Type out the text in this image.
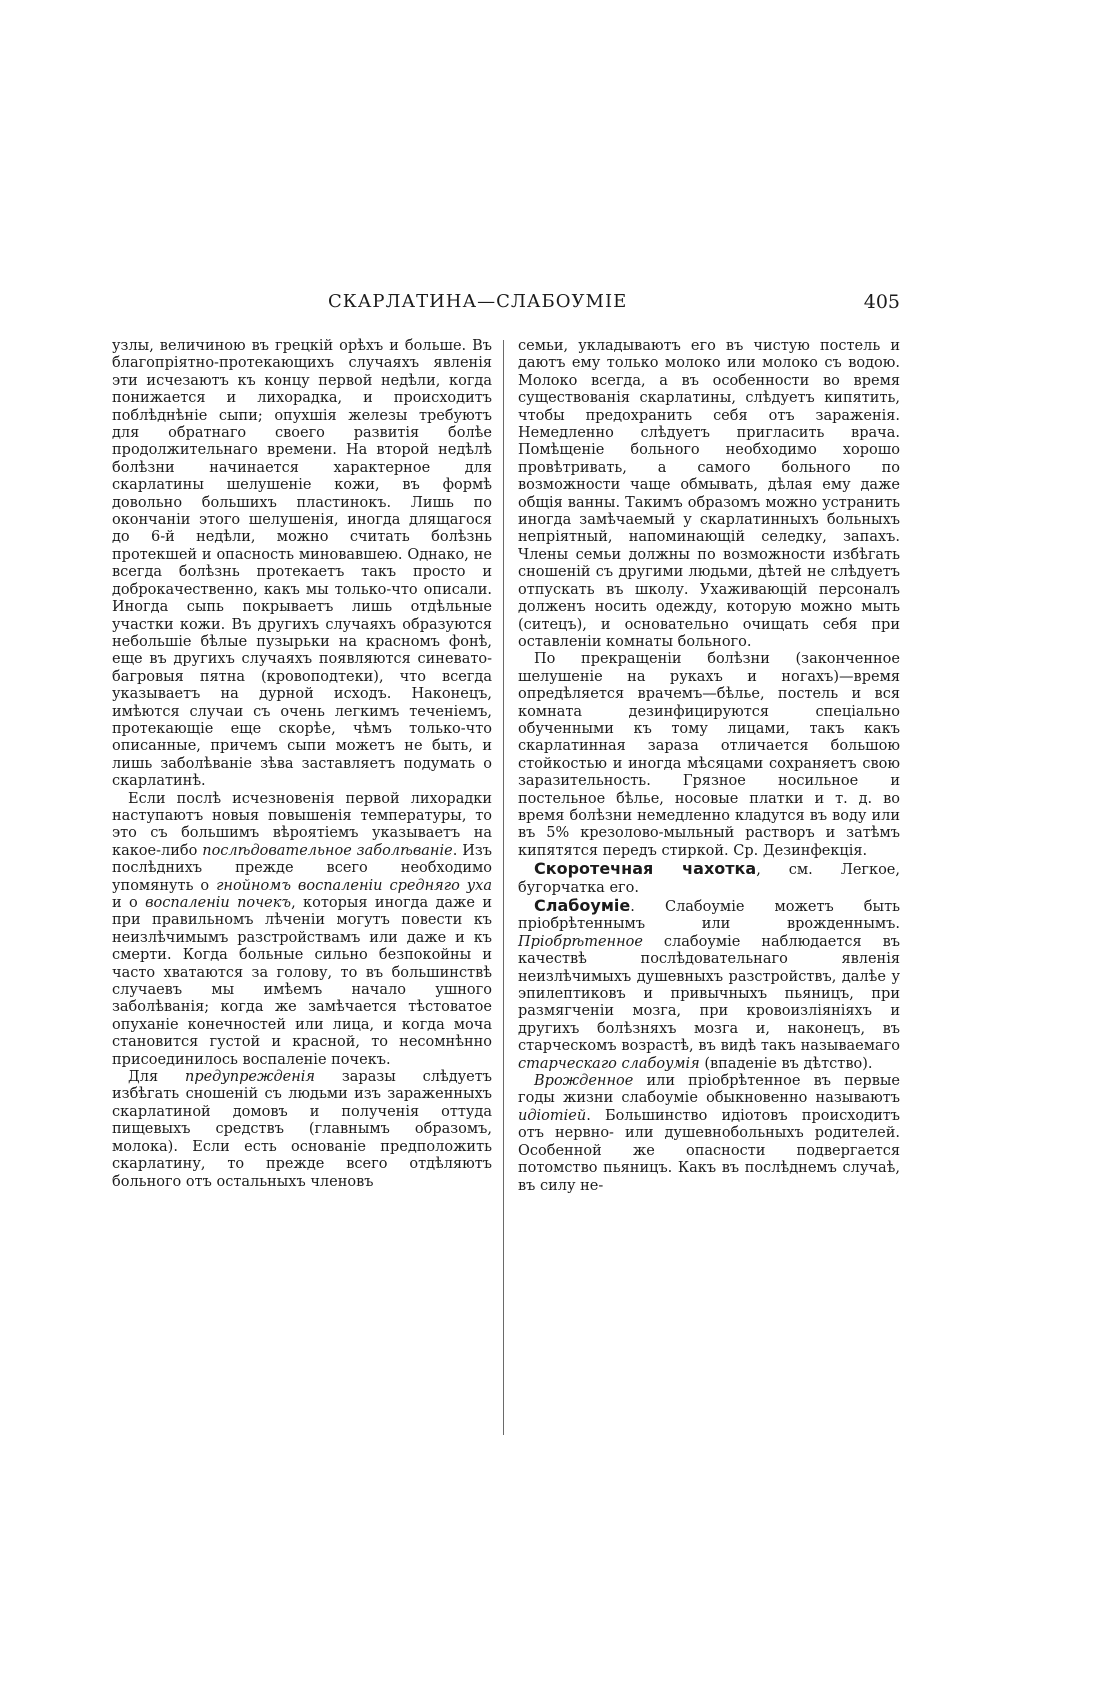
СКАРЛАТИНА—СЛАБОУМІЕ	405

узлы, величиною въ грецкій орѣхъ и больше. Въ благопріятно-протекающихъ случаяхъ явленія эти исчезаютъ къ концу первой недѣли, когда понижается и лихорадка, и происходитъ поблѣднѣніе сыпи; опухшія железы требуютъ для обратнаго своего развитія болѣе продолжительнаго времени. На второй недѣлѣ болѣзни начинается характерное для скарлатины шелушеніе кожи, въ формѣ довольно большихъ пластинокъ. Лишь по окончаніи этого шелушенія, иногда длящагося до 6-й недѣли, можно считать болѣзнь протекшей и опасность миновавшею. Однако, не всегда болѣзнь протекаетъ такъ просто и доброкачественно, какъ мы только-что описали. Иногда сыпь покрываетъ лишь отдѣльные участки кожи. Въ другихъ случаяхъ образуются небольшіе бѣлые пузырьки на красномъ фонѣ, еще въ другихъ случаяхъ появляются синевато-багровыя пятна (кровоподтеки), что всегда указываетъ на дурной исходъ. Наконецъ, имѣются случаи съ очень легкимъ теченіемъ, протекающіе еще скорѣе, чѣмъ только-что описанные, причемъ сыпи можетъ не быть, и лишь заболѣваніе зѣва заставляетъ подумать о скарлатинѣ.

Если послѣ исчезновенія первой лихорадки наступаютъ новыя повышенія температуры, то это съ большимъ вѣроятіемъ указываетъ на какое-либо послѣдовательное заболѣваніе. Изъ послѣднихъ прежде всего необходимо упомянуть о гнойномъ воспаленіи средняго уха и о воспаленіи почекъ, которыя иногда даже и при правильномъ лѣченіи могутъ повести къ неизлѣчимымъ разстройствамъ или даже и къ смерти. Когда больные сильно безпокойны и часто хватаются за голову, то въ большинствѣ случаевъ мы имѣемъ начало ушного заболѣванія; когда же замѣчается тѣстоватое опуханіе конечностей или лица, и когда моча становится густой и красной, то несомнѣнно присоединилось воспаленіе почекъ.

Для предупрежденія заразы слѣдуетъ избѣгать сношеній съ людьми изъ зараженныхъ скарлатиной домовъ и полученія оттуда пищевыхъ средствъ (главнымъ образомъ, молока). Если есть основаніе предположить скарлатину, то прежде всего отдѣляютъ больного отъ остальныхъ членовъ

семьи, укладываютъ его въ чистую постель и даютъ ему только молоко или молоко съ водою. Молоко всегда, а въ особенности во время существованія скарлатины, слѣдуетъ кипятить, чтобы предохранить себя отъ зараженія. Немедленно слѣдуетъ пригласить врача. Помѣщеніе больного необходимо хорошо провѣтривать, а самого больного по возможности чаще обмывать, дѣлая ему даже общія ванны. Такимъ образомъ можно устранить иногда замѣчаемый у скарлатинныхъ больныхъ непріятный, напоминающій селедку, запахъ. Члены семьи должны по возможности избѣгать сношеній съ другими людьми, дѣтей не слѣдуетъ отпускать въ школу. Ухаживающій персоналъ долженъ носить одежду, которую можно мыть (ситецъ), и основательно очищать себя при оставленіи комнаты больного.

По прекращеніи болѣзни (законченное шелушеніе на рукахъ и ногахъ)—время опредѣляется врачемъ—бѣлье, постель и вся комната дезинфицируются спеціально обученными къ тому лицами, такъ какъ скарлатинная зараза отличается большою стойкостью и иногда мѣсяцами сохраняетъ свою заразительность. Грязное носильное и постельное бѣлье, носовые платки и т. д. во время болѣзни немедленно кладутся въ воду или въ 5% крезолово-мыльный растворъ и затѣмъ кипятятся передъ стиркой. Ср. Дезинфекція.

Скоротечная чахотка, см. Легкое, бугорчатка его.

Слабоуміе. Слабоуміе можетъ быть пріобрѣтеннымъ или врожденнымъ. Пріобрѣтенное слабоуміе наблюдается въ качествѣ послѣдовательнаго явленія неизлѣчимыхъ душевныхъ разстройствъ, далѣе у эпилептиковъ и привычныхъ пьяницъ, при размягченіи мозга, при кровоизліяніяхъ и другихъ болѣзняхъ мозга и, наконецъ, въ старческомъ возрастѣ, въ видѣ такъ называемаго старческаго слабоумія (впаденіе въ дѣтство).

Врожденное или пріобрѣтенное въ первые годы жизни слабоуміе обыкновенно называютъ идіотіей. Большинство идіотовъ происходитъ отъ нервно- или душевнобольныхъ родителей. Особенной же опасности подвергается потомство пьяницъ. Какъ въ послѣднемъ случаѣ, въ силу не-
